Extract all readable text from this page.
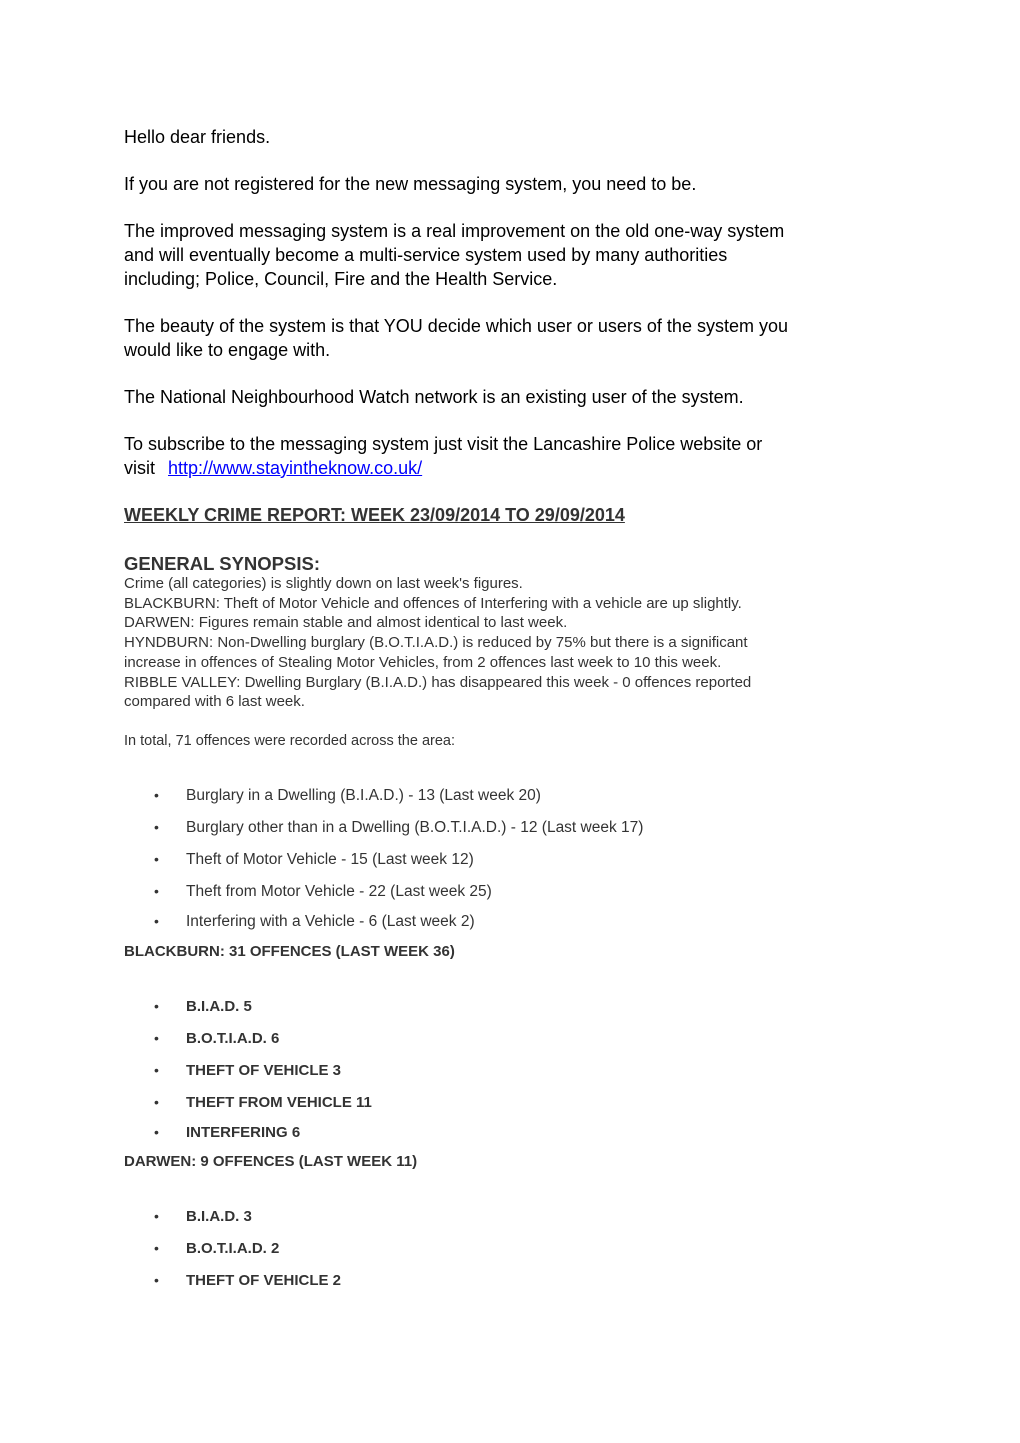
Hello dear friends.

If you are not registered for the new messaging system, you need to be.

The improved messaging system is a real improvement on the old one-way system

and will eventually become a multi-service system used by many authorities

including; Police, Council, Fire and the Health Service.

The beauty of the system is that YOU decide which user or users of the system you

would like to engage with.

The National Neighbourhood Watch network is an existing user of the system.

To subscribe to the messaging system just visit the Lancashire Police website or

visit http://www.stayintheknow.co.uk/

WEEKLY CRIME REPORT: WEEK 23/09/2014 TO 29/09/2014
GENERAL SYNOPSIS:
Crime (all categories) is slightly down on last week's figures.
BLACKBURN: Theft of Motor Vehicle and offences of Interfering with a vehicle are up slightly.
DARWEN: Figures remain stable and almost identical to last week.
HYNDBURN: Non-Dwelling burglary (B.O.T.I.A.D.) is reduced by 75% but there is a significant
increase in offences of Stealing Motor Vehicles, from 2 offences last week to 10 this week.
RIBBLE VALLEY: Dwelling Burglary (B.I.A.D.) has disappeared this week - 0 offences reported
compared with 6 last week.
In total, 71 offences were recorded across the area:
• Burglary in a Dwelling (B.I.A.D.) - 13 (Last week 20)
• Burglary other than in a Dwelling (B.O.T.I.A.D.) - 12 (Last week 17)
• Theft of Motor Vehicle - 15 (Last week 12)
• Theft from Motor Vehicle - 22 (Last week 25)
• Interfering with a Vehicle - 6 (Last week 2)
BLACKBURN: 31 OFFENCES (LAST WEEK 36)
• B.I.A.D. 5
• B.O.T.I.A.D. 6
• THEFT OF VEHICLE 3
• THEFT FROM VEHICLE 11
• INTERFERING 6
DARWEN: 9 OFFENCES (LAST WEEK 11)
• B.I.A.D. 3
• B.O.T.I.A.D. 2
• THEFT OF VEHICLE 2
